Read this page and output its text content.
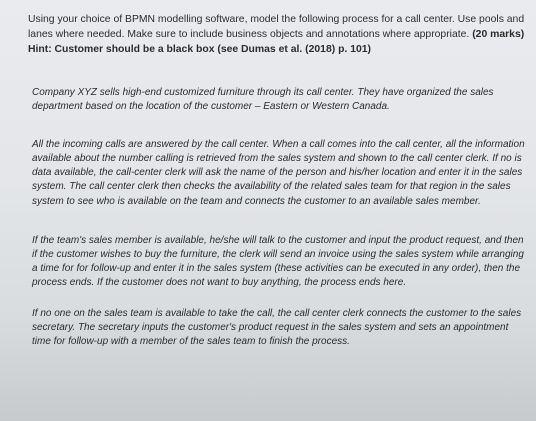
Using your choice of BPMN modelling software, model the following process for a call center. Use pools and lanes where needed. Make sure to include business objects and annotations where appropriate. (20 marks) Hint: Customer should be a black box (see Dumas et al. (2018) p. 101)

Company XYZ sells high-end customized furniture through its call center. They have organized the sales department based on the location of the customer – Eastern or Western Canada.

All the incoming calls are answered by the call center. When a call comes into the call center, all the information available about the number calling is retrieved from the sales system and shown to the call center clerk. If no is data available, the call-center clerk will ask the name of the person and his/her location and enter it in the sales system. The call center clerk then checks the availability of the related sales team for that region in the sales system to see who is available on the team and connects the customer to an available sales member.

If the team's sales member is available, he/she will talk to the customer and input the product request, and then if the customer wishes to buy the furniture, the clerk will send an invoice using the sales system while arranging a time for for follow-up and enter it in the sales system (these activities can be executed in any order), then the process ends. If the customer does not want to buy anything, the process ends here.

If no one on the sales team is available to take the call, the call center clerk connects the customer to the sales secretary. The secretary inputs the customer's product request in the sales system and sets an appointment time for follow-up with a member of the sales team to finish the process.
